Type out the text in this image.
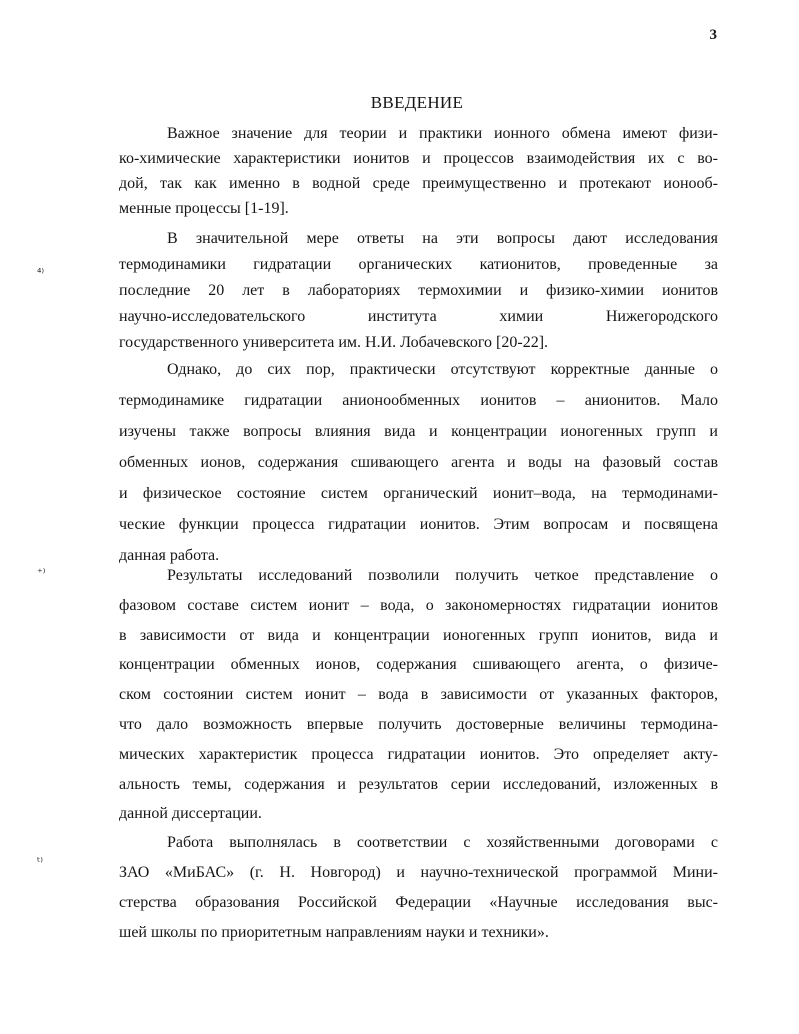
3
ВВЕДЕНИЕ
⁴⁾
⁺⁾
ᵗ⁾
Важное значение для теории и практики ионного обмена имеют физи-
ко-химические характеристики ионитов и процессов взаимодействия их с во-
дой, так как именно в водной среде преимущественно и протекают ионооб-
менные процессы [1-19].
В значительной мере ответы на эти вопросы дают исследования
термодинамики гидратации органических катионитов, проведенные за
последние 20 лет в лабораториях термохимии и физико-химии ионитов
научно-исследовательского института химии Нижегородского
государственного университета им. Н.И. Лобачевского [20-22].
Однако, до сих пор, практически отсутствуют корректные данные о
термодинамике гидратации анионообменных ионитов – анионитов. Мало
изучены также вопросы влияния вида и концентрации ионогенных групп и
обменных ионов, содержания сшивающего агента и воды на фазовый состав
и физическое состояние систем органический ионит–вода, на термодинами-
ческие функции процесса гидратации ионитов. Этим вопросам и посвящена
данная работа.
Результаты исследований позволили получить четкое представление о
фазовом составе систем ионит – вода, о закономерностях гидратации ионитов
в зависимости от вида и концентрации ионогенных групп ионитов, вида и
концентрации обменных ионов, содержания сшивающего агента, о физиче-
ском состоянии систем ионит – вода в зависимости от указанных факторов,
что дало возможность впервые получить достоверные величины термодина-
мических характеристик процесса гидратации ионитов. Это определяет акту-
альность темы, содержания и результатов серии исследований, изложенных в
данной диссертации.
Работа выполнялась в соответствии с хозяйственными договорами с
ЗАО «МиБАС» (г. Н. Новгород) и научно-технической программой Мини-
стерства образования Российской Федерации «Научные исследования выс-
шей школы по приоритетным направлениям науки и техники».
